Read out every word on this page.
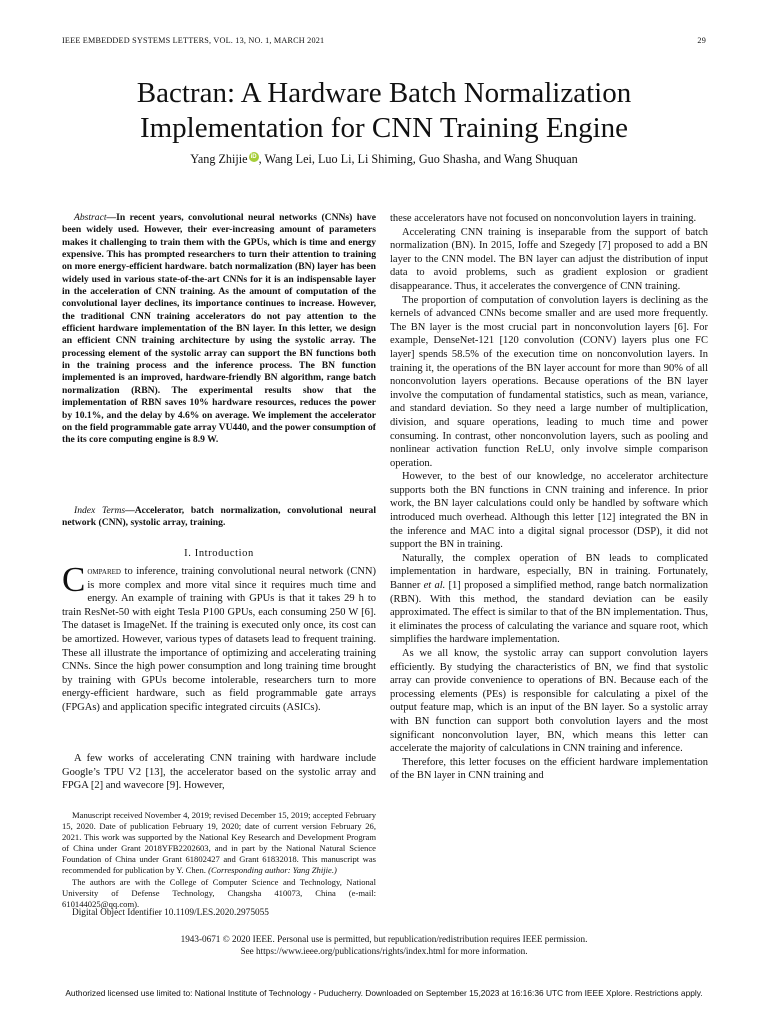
IEEE EMBEDDED SYSTEMS LETTERS, VOL. 13, NO. 1, MARCH 2021	29
Bactran: A Hardware Batch Normalization
Implementation for CNN Training Engine
Yang Zhijie iD , Wang Lei, Luo Li, Li Shiming, Guo Shasha, and Wang Shuquan

Abstract—In recent years, convolutional neural networks (CNNs) have been widely used. However, their ever-increasing amount of parameters makes it challenging to train them with the GPUs, which is time and energy expensive. This has prompted researchers to turn their attention to training on more energy-efficient hardware. batch normalization (BN) layer has been widely used in various state-of-the-art CNNs for it is an indispensable layer in the acceleration of CNN training. As the amount of computation of the convolutional layer declines, its importance continues to increase. However, the traditional CNN training accelerators do not pay attention to the efficient hardware implementation of the BN layer. In this letter, we design an efficient CNN training architecture by using the systolic array. The processing element of the systolic array can support the BN functions both in the training process and the inference process. The BN function implemented is an improved, hardware-friendly BN algorithm, range batch normalization (RBN). The experimental results show that the implementation of RBN saves 10% hardware resources, reduces the power by 10.1%, and the delay by 4.6% on average. We implement the accelerator on the field programmable gate array VU440, and the power consumption of the its core computing engine is 8.9 W.

Index Terms—Accelerator, batch normalization, convolutional neural network (CNN), systolic array, training.

I. Introduction

Compared to inference, training convolutional neural network (CNN) is more complex and more vital since it requires much time and energy. An example of training with GPUs is that it takes 29 h to train ResNet-50 with eight Tesla P100 GPUs, each consuming 250 W [6]. The dataset is ImageNet. If the training is executed only once, its cost can be amortized. However, various types of datasets lead to frequent training. These all illustrate the importance of optimizing and accelerating training CNNs. Since the high power consumption and long training time brought by training with GPUs become intolerable, researchers turn to more energy-efficient hardware, such as field programmable gate arrays (FPGAs) and application specific integrated circuits (ASICs).

A few works of accelerating CNN training with hardware include Google’s TPU V2 [13], the accelerator based on the systolic array and FPGA [2] and wavecore [9]. However,

Manuscript received November 4, 2019; revised December 15, 2019; accepted February 15, 2020. Date of publication February 19, 2020; date of current version February 26, 2021. This work was supported by the National Key Research and Development Program of China under Grant 2018YFB2202603, and in part by the National Natural Science Foundation of China under Grant 61802427 and Grant 61832018. This manuscript was recommended for publication by Y. Chen. (Corresponding author: Yang Zhijie.)

The authors are with the College of Computer Science and Technology, National University of Defense Technology, Changsha 410073, China (e-mail: 610144025@qq.com).

Digital Object Identifier 10.1109/LES.2020.2975055

these accelerators have not focused on nonconvolution layers in training.

Accelerating CNN training is inseparable from the support of batch normalization (BN). In 2015, Ioffe and Szegedy [7] proposed to add a BN layer to the CNN model. The BN layer can adjust the distribution of input data to avoid problems, such as gradient explosion or gradient disappearance. Thus, it accelerates the convergence of CNN training.

The proportion of computation of convolution layers is declining as the kernels of advanced CNNs become smaller and are used more frequently. The BN layer is the most crucial part in nonconvolution layers [6]. For example, DenseNet-121 [120 convolution (CONV) layers plus one FC layer] spends 58.5% of the execution time on nonconvolution layers. In training it, the operations of the BN layer account for more than 90% of all nonconvolution layers operations. Because operations of the BN layer involve the computation of fundamental statistics, such as mean, variance, and standard deviation. So they need a large number of multiplication, division, and square operations, leading to much time and power consuming. In contrast, other nonconvolution layers, such as pooling and nonlinear activation function ReLU, only involve simple comparison operation.

However, to the best of our knowledge, no accelerator architecture supports both the BN functions in CNN training and inference. In prior work, the BN layer calculations could only be handled by software which introduced much overhead. Although this letter [12] integrated the BN in the inference and MAC into a digital signal processor (DSP), it did not support the BN in training.

Naturally, the complex operation of BN leads to complicated implementation in hardware, especially, BN in training. Fortunately, Banner et al. [1] proposed a simplified method, range batch normalization (RBN). With this method, the standard deviation can be easily approximated. The effect is similar to that of the BN implementation. Thus, it eliminates the process of calculating the variance and square root, which simplifies the hardware implementation.

As we all know, the systolic array can support convolution layers efficiently. By studying the characteristics of BN, we find that systolic array can provide convenience to operations of BN. Because each of the processing elements (PEs) is responsible for calculating a pixel of the output feature map, which is an input of the BN layer. So a systolic array with BN function can support both convolution layers and the most significant nonconvolution layer, BN, which means this letter can accelerate the majority of calculations in CNN training and inference.

Therefore, this letter focuses on the efficient hardware implementation of the BN layer in CNN training and

1943-0671 © 2020 IEEE. Personal use is permitted, but republication/redistribution requires IEEE permission.
See https://www.ieee.org/publications/rights/index.html for more information.
Authorized licensed use limited to: National Institute of Technology - Puducherry. Downloaded on September 15,2023 at 16:16:36 UTC from IEEE Xplore. Restrictions apply.
